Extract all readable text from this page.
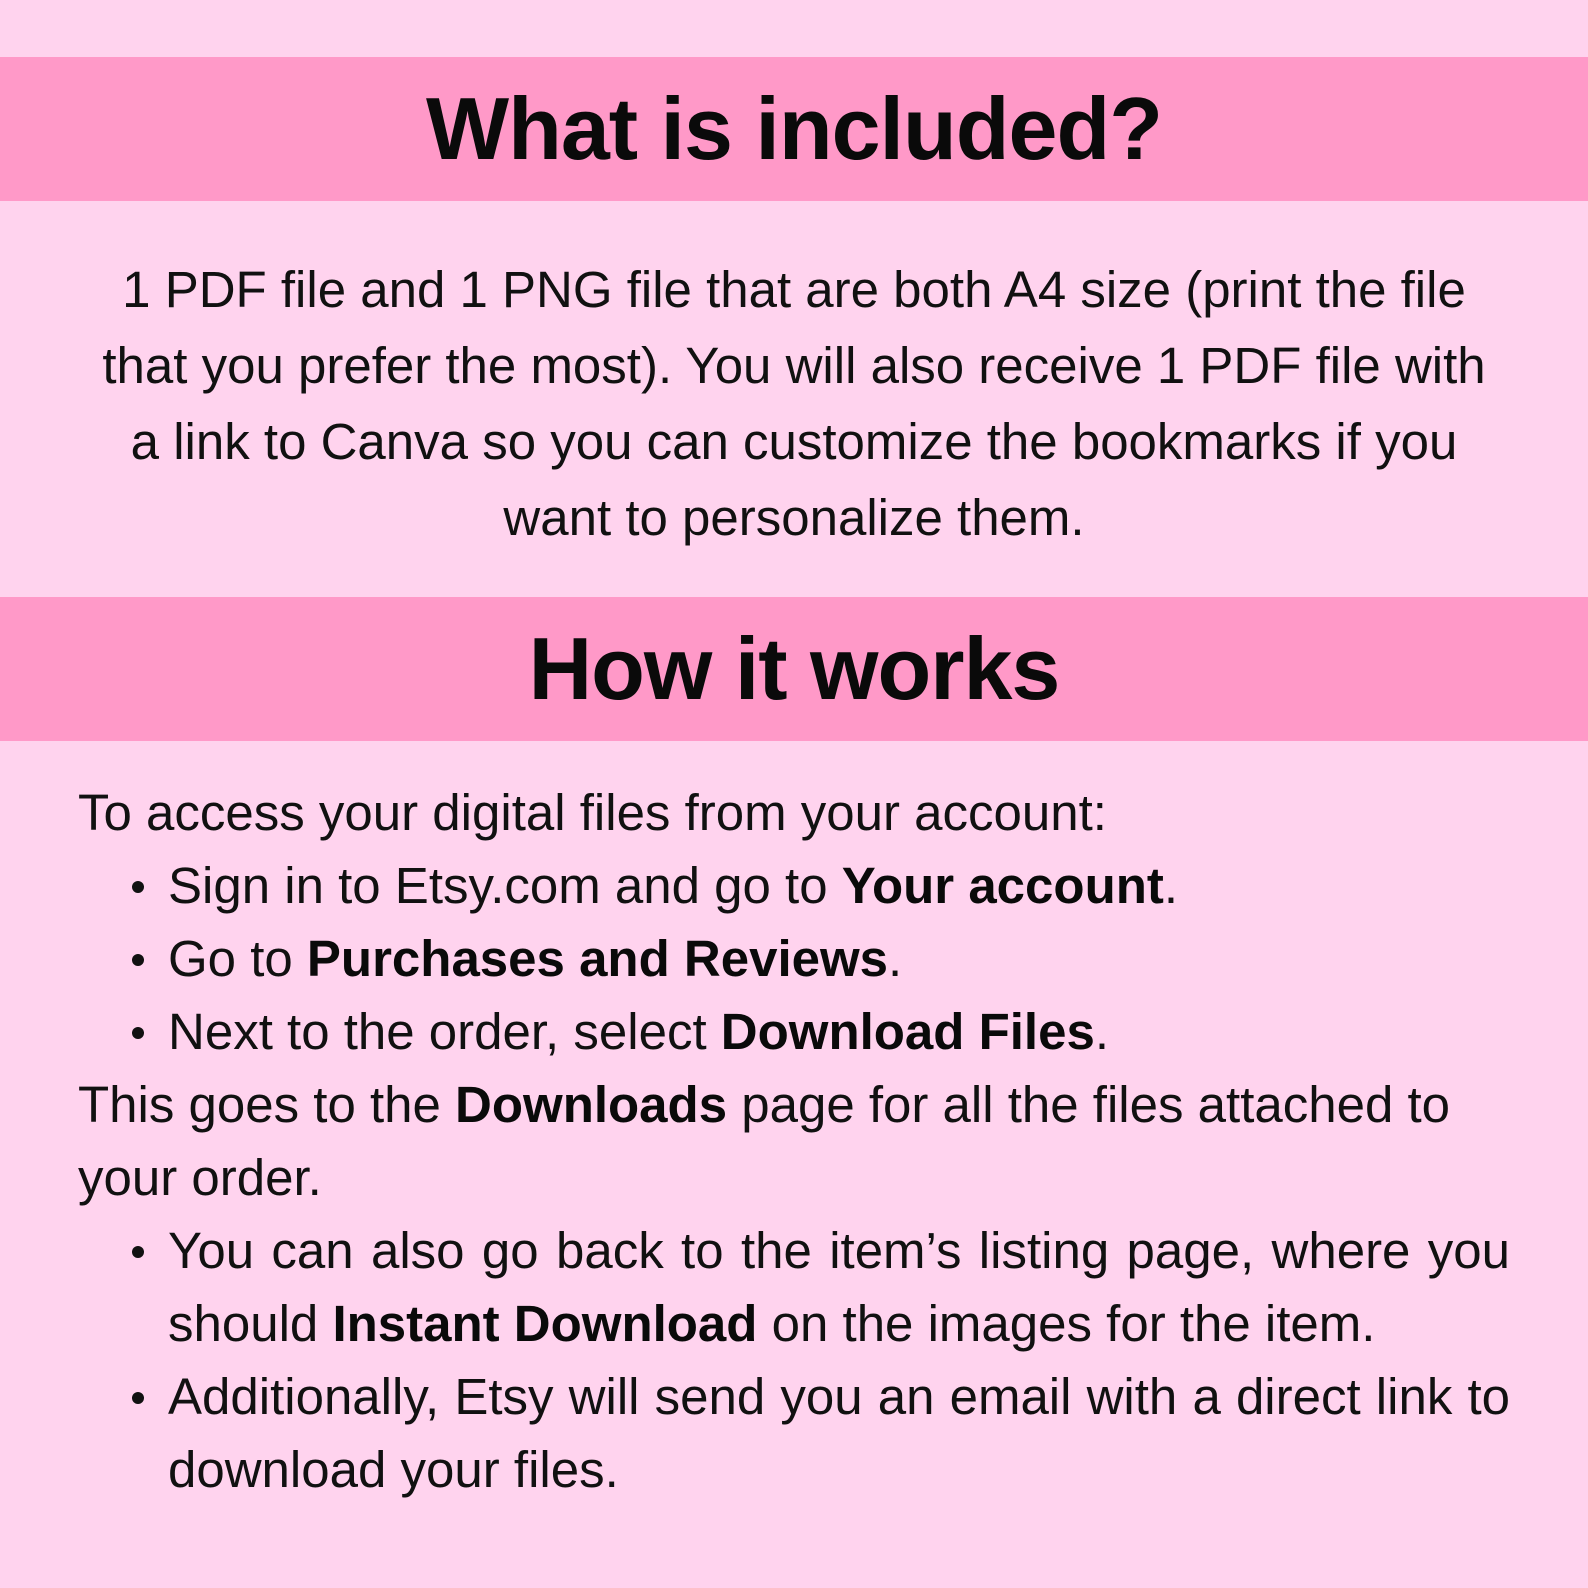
What is included?

1 PDF file and 1 PNG file that are both A4 size (print the file that you prefer the most). You will also receive 1 PDF file with a link to Canva so you can customize the bookmarks if you want to personalize them.

How it works

To access your digital files from your account:

Sign in to Etsy.com and go to Your account.
Go to Purchases and Reviews.
Next to the order, select Download Files.

This goes to the Downloads page for all the files attached to your order.

You can also go back to the item’s listing page, where you should Instant Download on the images for the item.
Additionally, Etsy will send you an email with a direct link to download your files.
